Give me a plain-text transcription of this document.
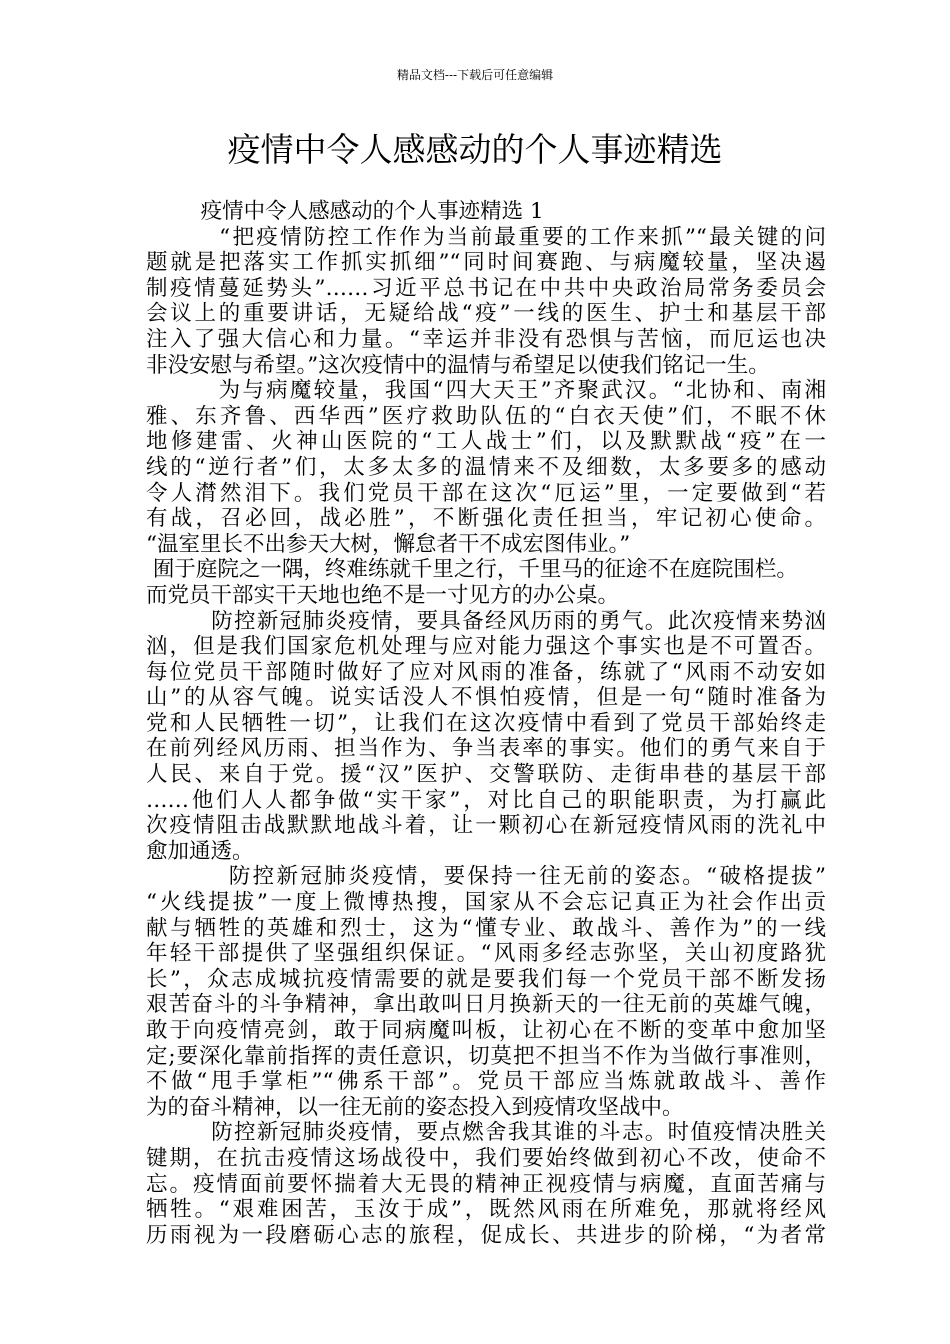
精品文档---下载后可任意编辑
疫情中令人感感动的个人事迹精选
疫情中令人感感动的个人事迹精选 1
“把疫情防控工作作为当前最重要的工作来抓”“最关键的问
题就是把落实工作抓实抓细”“同时间赛跑、与病魔较量，坚决遏
制疫情蔓延势头”……习近平总书记在中共中央政治局常务委员会
会议上的重要讲话，无疑给战“疫”一线的医生、护士和基层干部
注入了强大信心和力量。“幸运并非没有恐惧与苦恼，而厄运也决
非没安慰与希望。”这次疫情中的温情与希望足以使我们铭记一生。
为与病魔较量，我国“四大天王”齐聚武汉。“北协和、南湘
雅、东齐鲁、西华西”医疗救助队伍的“白衣天使”们，不眠不休
地修建雷、火神山医院的“工人战士”们，以及默默战“疫”在一
线的“逆行者”们，太多太多的温情来不及细数，太多要多的感动
令人潸然泪下。我们党员干部在这次“厄运”里，一定要做到“若
有战，召必回，战必胜”，不断强化责任担当，牢记初心使命。
“温室里长不出参天大树，懈怠者干不成宏图伟业。”
囿于庭院之一隅，终难练就千里之行，千里马的征途不在庭院围栏。
而党员干部实干天地也绝不是一寸见方的办公桌。
防控新冠肺炎疫情，要具备经风历雨的勇气。此次疫情来势汹
汹，但是我们国家危机处理与应对能力强这个事实也是不可置否。
每位党员干部随时做好了应对风雨的准备，练就了“风雨不动安如
山”的从容气魄。说实话没人不惧怕疫情，但是一句“随时准备为
党和人民牺牲一切”，让我们在这次疫情中看到了党员干部始终走
在前列经风历雨、担当作为、争当表率的事实。他们的勇气来自于
人民、来自于党。援“汉”医护、交警联防、走街串巷的基层干部
……他们人人都争做“实干家”，对比自己的职能职责，为打赢此
次疫情阻击战默默地战斗着，让一颗初心在新冠疫情风雨的洗礼中
愈加通透。
防控新冠肺炎疫情，要保持一往无前的姿态。“破格提拔”
“火线提拔”一度上微博热搜，国家从不会忘记真正为社会作出贡
献与牺牲的英雄和烈士，这为“懂专业、敢战斗、善作为”的一线
年轻干部提供了坚强组织保证。“风雨多经志弥坚，关山初度路犹
长”，众志成城抗疫情需要的就是要我们每一个党员干部不断发扬
艰苦奋斗的斗争精神，拿出敢叫日月换新天的一往无前的英雄气魄，
敢于向疫情亮剑，敢于同病魔叫板，让初心在不断的变革中愈加坚
定;要深化靠前指挥的责任意识，切莫把不担当不作为当做行事准则，
不做“甩手掌柜”“佛系干部”。党员干部应当炼就敢战斗、善作
为的奋斗精神，以一往无前的姿态投入到疫情攻坚战中。
防控新冠肺炎疫情，要点燃舍我其谁的斗志。时值疫情决胜关
键期，在抗击疫情这场战役中，我们要始终做到初心不改，使命不
忘。疫情面前要怀揣着大无畏的精神正视疫情与病魔，直面苦痛与
牺牲。“艰难困苦，玉汝于成”，既然风雨在所难免，那就将经风
历雨视为一段磨砺心志的旅程，促成长、共进步的阶梯，“为者常
